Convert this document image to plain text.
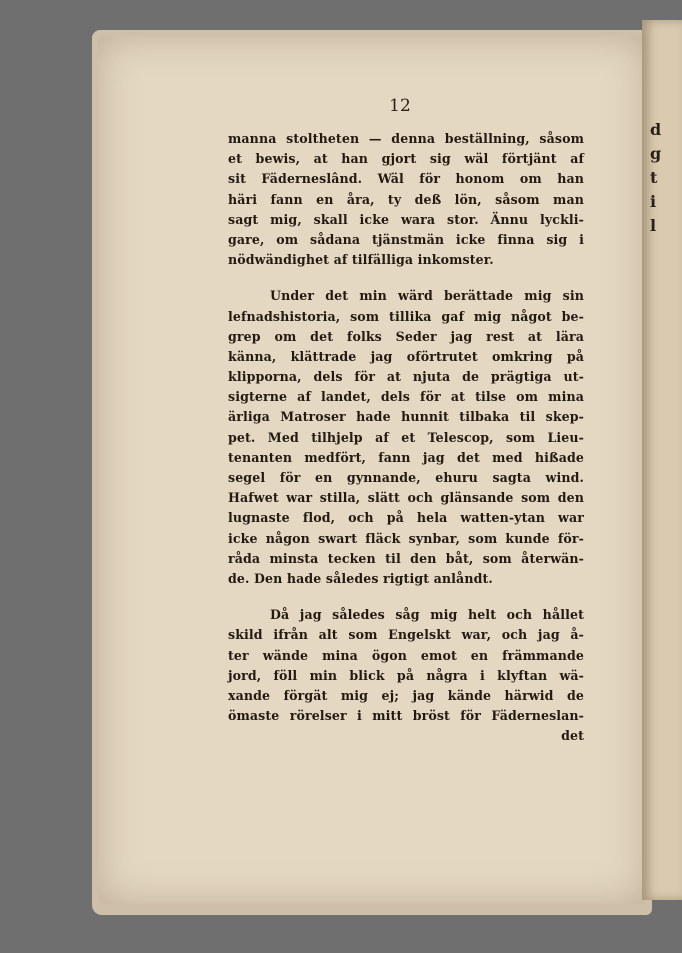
d
g
t
i
l
12
manna stoltheten — denna beställning, såsom
et bewis, at han gjort sig wäl förtjänt af
sit Fäderneslând. Wäl för honom om han
häri fann en åra, ty deß lön, såsom man
sagt mig, skall icke wara stor. Ännu lyckli-
gare, om sådana tjänstmän icke finna sig i
nödwändighet af tilfälliga inkomster.
Under det min wärd berättade mig sin
lefnadshistoria, som tillika gaf mig något be-
grep om det folks Seder jag rest at lära
känna, klättrade jag oförtrutet omkring på
klipporna, dels för at njuta de prägtiga ut-
sigterne af landet, dels för at tilse om mina
ärliga Matroser hade hunnit tilbaka til skep-
pet. Med tilhjelp af et Telescop, som Lieu-
tenanten medfört, fann jag det med hißade
segel för en gynnande, ehuru sagta wind.
Hafwet war stilla, slätt och glänsande som den
lugnaste flod, och på hela watten-ytan war
icke någon swart fläck synbar, som kunde för-
råda minsta tecken til den båt, som återwän-
de. Den hade således rigtigt anlåndt.
Då jag således såg mig helt och hållet
skild ifrån alt som Engelskt war, och jag å-
ter wände mina ögon emot en främmande
jord, föll min blick på några i klyftan wä-
xande förgät mig ej; jag kände härwid de
ömaste rörelser i mitt bröst för Fäderneslan-
det
